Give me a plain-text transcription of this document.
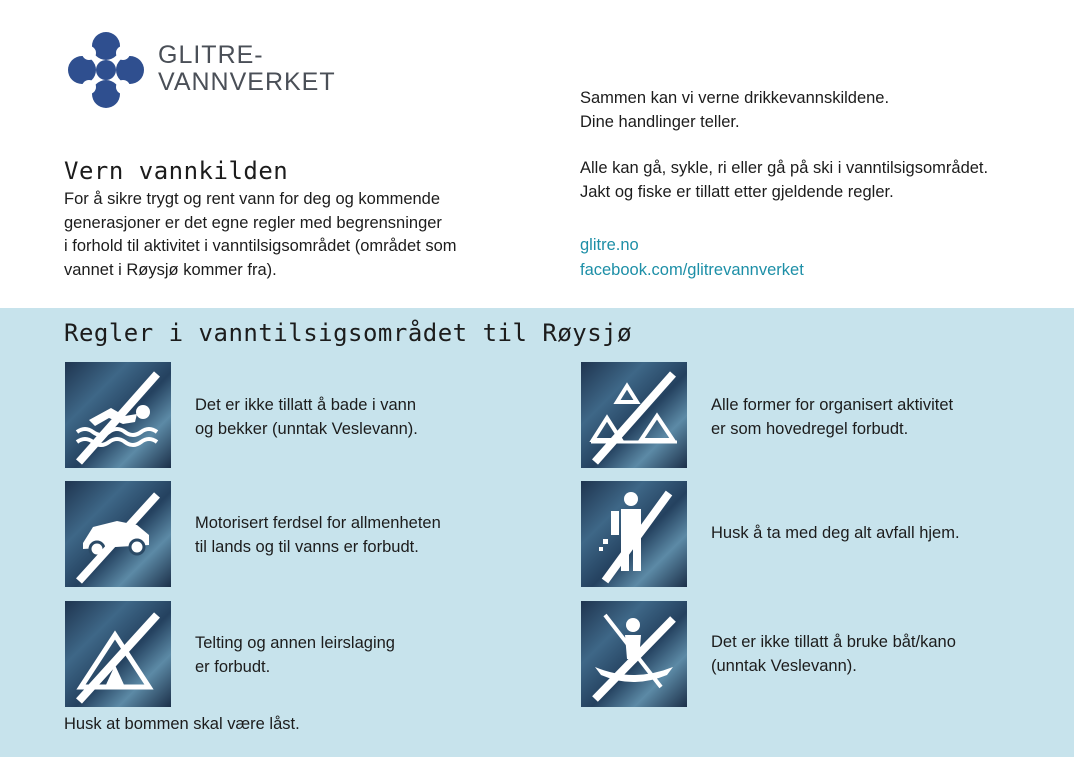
GLITRE-
VANNVERKET
Vern vannkilden
For å sikre trygt og rent vann for deg og kommende
generasjoner er det egne regler med begrensninger
i forhold til aktivitet i vanntilsigsområdet (området som
vannet i Røysjø kommer fra).
Sammen kan vi verne drikkevannskildene.
Dine handlinger teller.
Alle kan gå, sykle, ri eller gå på ski i vanntilsigsområdet.
Jakt og fiske er tillatt etter gjeldende regler.
glitre.no
facebook.com/glitrevannverket
Regler i vanntilsigsområdet til Røysjø
Det er ikke tillatt å bade i vann
og bekker (unntak Veslevann).
Motorisert ferdsel for allmenheten
til lands og til vanns er forbudt.
Telting og annen leirslaging
er forbudt.
Alle former for organisert aktivitet
er som hovedregel forbudt.
Husk å ta med deg alt avfall hjem.
Det er ikke tillatt å bruke båt/kano
(unntak Veslevann).
Husk at bommen skal være låst.
